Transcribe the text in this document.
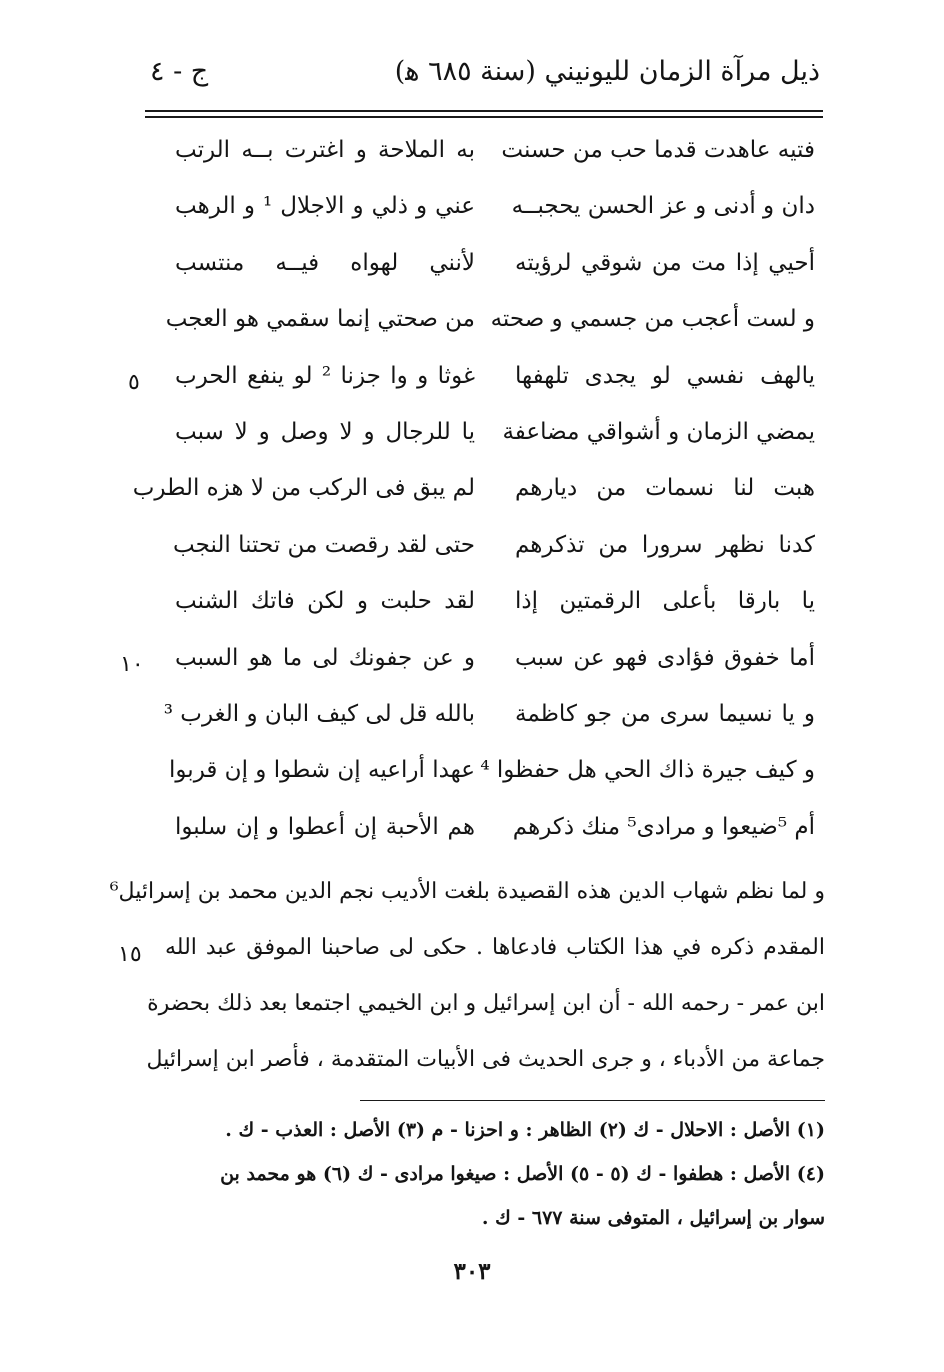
ذيل مرآة الزمان لليونيني (سنة ٦٨٥ ﻫ)
ج - ٤
فتيه عاهدت قدما حب من حسنت
به الملاحة و اغترت بــه الرتب
دان و أدنى و عز الحسن يحجبــه
عني و ذلي و الاجلال ¹ و الرهب
أحيي إذا مت من شوقي لرؤيته
لأنني لهواه فيــه منتسب
و لست أعجب من جسمي و صحته
من صحتي إنما سقمي هو العجب
يالهف نفسي لو يجدى تلهفها
غوثا و وا جزنا ² لو ينفع الحرب
يمضي الزمان و أشواقي مضاعفة
يا للرجال و لا وصل و لا سبب
هبت لنا نسمات من ديارهم
لم يبق فى الركب من لا هزه الطرب
كدنا نظهر سرورا من تذكرهم
حتى لقد رقصت من تحتنا النجب
يا بارقا بأعلى الرقمتين إذا
لقد حلبت و لكن فاتك الشنب
أما خفوق فؤادى فهو عن سبب
و عن جفونك لى ما هو السبب
و يا نسيما سرى من جو كاظمة
بالله قل لى كيف البان و الغرب ³
و كيف جيرة ذاك الحي هل حفظوا ⁴
عهدا أراعيه إن شطوا و إن قربوا
أم ⁵ضيعوا و مرادى⁵ منك ذكرهم
هم الأحبة إن أعطوا و إن سلبوا
٥
١٠
١٥
و لما نظم شهاب الدين هذه القصيدة بلغت الأديب نجم الدين محمد بن إسرائيل⁶
المقدم ذكره في هذا الكتاب فادعاها . حكى لى صاحبنا الموفق عبد الله
ابن عمر - رحمه الله - أن ابن إسرائيل و ابن الخيمي اجتمعا بعد ذلك بحضرة
جماعة من الأدباء ، و جرى الحديث فى الأبيات المتقدمة ، فأصر ابن إسرائيل
(١) الأصل : الاحلال - ك (٢) الظاهر : و احزنا - م (٣) الأصل : العذب - ك .
(٤) الأصل : هطفوا - ك (٥ - ٥) الأصل : صيغوا مرادى - ك (٦) هو محمد بن
سوار بن إسرائيل ، المتوفى سنة ٦٧٧ - ك .
٣٠٣
